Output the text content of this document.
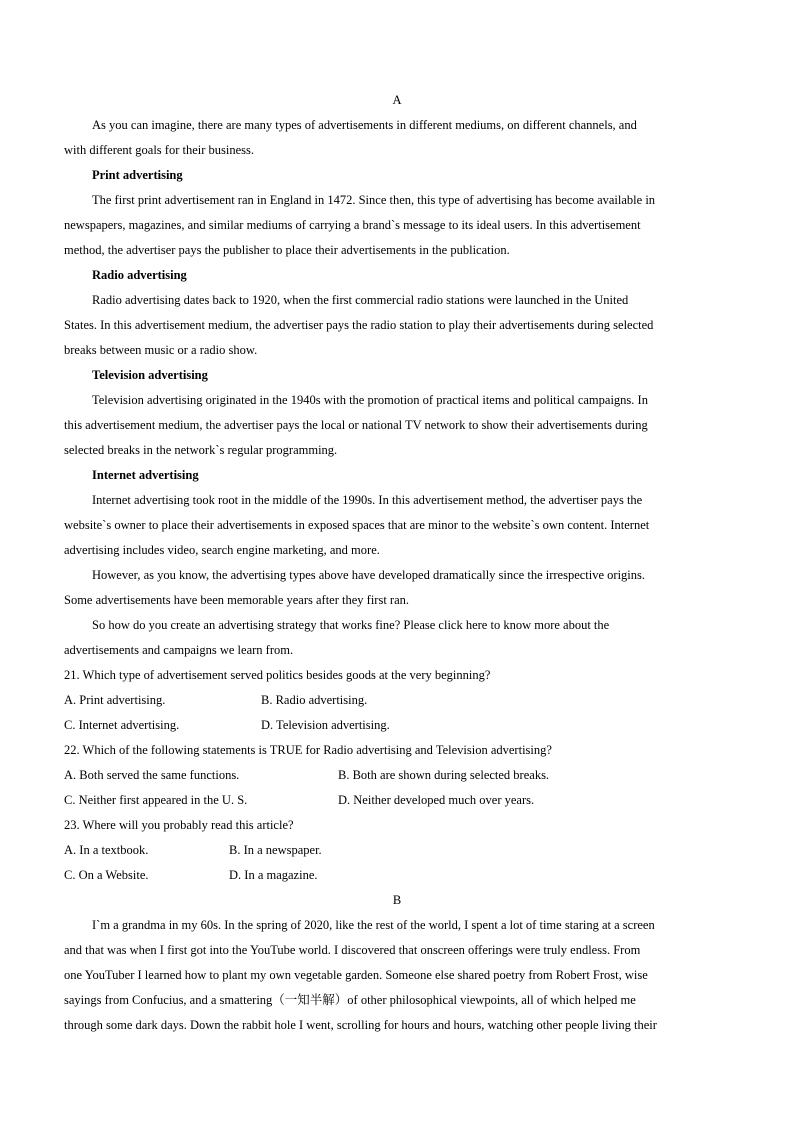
A
As you can imagine, there are many types of advertisements in different mediums, on different channels, and
with different goals for their business.
Print advertising
The first print advertisement ran in England in 1472. Since then, this type of advertising has become available in
newspapers, magazines, and similar mediums of carrying a brand`s message to its ideal users. In this advertisement
method, the advertiser pays the publisher to place their advertisements in the publication.
Radio advertising
Radio advertising dates back to 1920, when the first commercial radio stations were launched in the United
States. In this advertisement medium, the advertiser pays the radio station to play their advertisements during selected
breaks between music or a radio show.
Television advertising
Television advertising originated in the 1940s with the promotion of practical items and political campaigns. In
this advertisement medium, the advertiser pays the local or national TV network to show their advertisements during
selected breaks in the network`s regular programming.
Internet advertising
Internet advertising took root in the middle of the 1990s. In this advertisement method, the advertiser pays the
website`s owner to place their advertisements in exposed spaces that are minor to the website`s own content. Internet
advertising includes video, search engine marketing, and more.
However, as you know, the advertising types above have developed dramatically since the irrespective origins.
Some advertisements have been memorable years after they first ran.
So how do you create an advertising strategy that works fine? Please click here to know more about the
advertisements and campaigns we learn from.
21. Which type of advertisement served politics besides goods at the very beginning?
A. Print advertising.	B. Radio advertising.
C. Internet advertising.	D. Television advertising.
22. Which of the following statements is TRUE for Radio advertising and Television advertising?
A. Both served the same functions.	B. Both are shown during selected breaks.
C. Neither first appeared in the U. S.	D. Neither developed much over years.
23. Where will you probably read this article?
A. In a textbook.	B. In a newspaper.
C. On a Website.	D. In a magazine.
B
I`m a grandma in my 60s. In the spring of 2020, like the rest of the world, I spent a lot of time staring at a screen
and that was when I first got into the YouTube world. I discovered that onscreen offerings were truly endless. From
one YouTuber I learned how to plant my own vegetable garden. Someone else shared poetry from Robert Frost, wise
sayings from Confucius, and a smattering（一知半解）of other philosophical viewpoints, all of which helped me
through some dark days. Down the rabbit hole I went, scrolling for hours and hours, watching other people living their
